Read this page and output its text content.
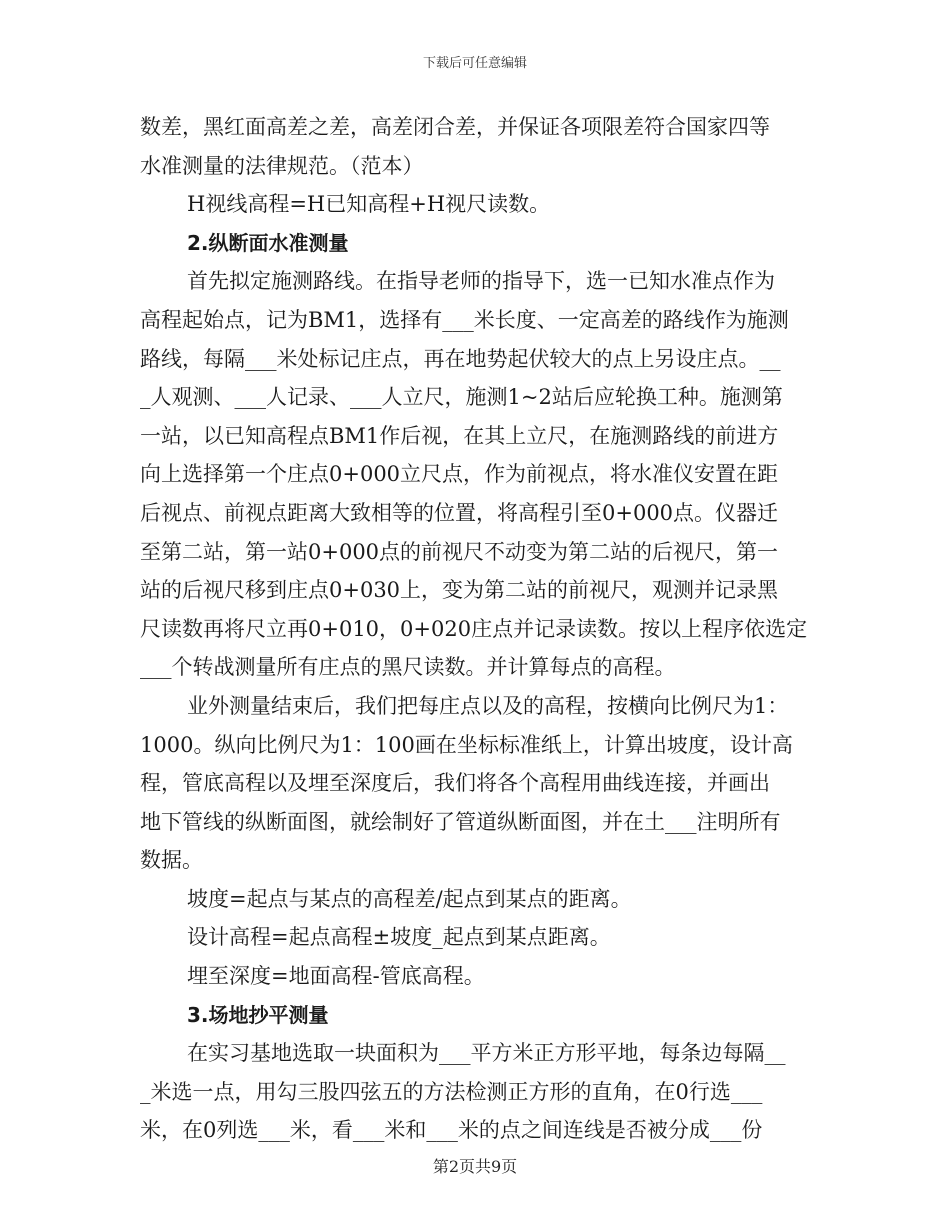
下载后可任意编辑
数差，黑红面高差之差，高差闭合差，并保证各项限差符合国家四等
水准测量的法律规范。（范本）
H视线高程=H已知高程+H视尺读数。
2.纵断面水准测量
首先拟定施测路线。在指导老师的指导下，选一已知水准点作为
高程起始点，记为BM1，选择有___米长度、一定高差的路线作为施测
路线，每隔___米处标记庄点，再在地势起伏较大的点上另设庄点。__
_人观测、___人记录、___人立尺，施测1~2站后应轮换工种。施测第
一站，以已知高程点BM1作后视，在其上立尺，在施测路线的前进方
向上选择第一个庄点0+000立尺点，作为前视点，将水准仪安置在距
后视点、前视点距离大致相等的位置，将高程引至0+000点。仪器迁
至第二站，第一站0+000点的前视尺不动变为第二站的后视尺，第一
站的后视尺移到庄点0+030上，变为第二站的前视尺，观测并记录黑
尺读数再将尺立再0+010，0+020庄点并记录读数。按以上程序依选定
___个转战测量所有庄点的黑尺读数。并计算每点的高程。
业外测量结束后，我们把每庄点以及的高程，按横向比例尺为1：
1000。纵向比例尺为1：100画在坐标标准纸上，计算出坡度，设计高
程，管底高程以及埋至深度后，我们将各个高程用曲线连接，并画出
地下管线的纵断面图，就绘制好了管道纵断面图，并在土___注明所有
数据。
坡度=起点与某点的高程差/起点到某点的距离。
设计高程=起点高程±坡度_起点到某点距离。
埋至深度=地面高程-管底高程。
3.场地抄平测量
在实习基地选取一块面积为___平方米正方形平地，每条边每隔__
_米选一点，用勾三股四弦五的方法检测正方形的直角，在0行选___
米，在0列选___米，看___米和___米的点之间连线是否被分成___份
第2页共9页
